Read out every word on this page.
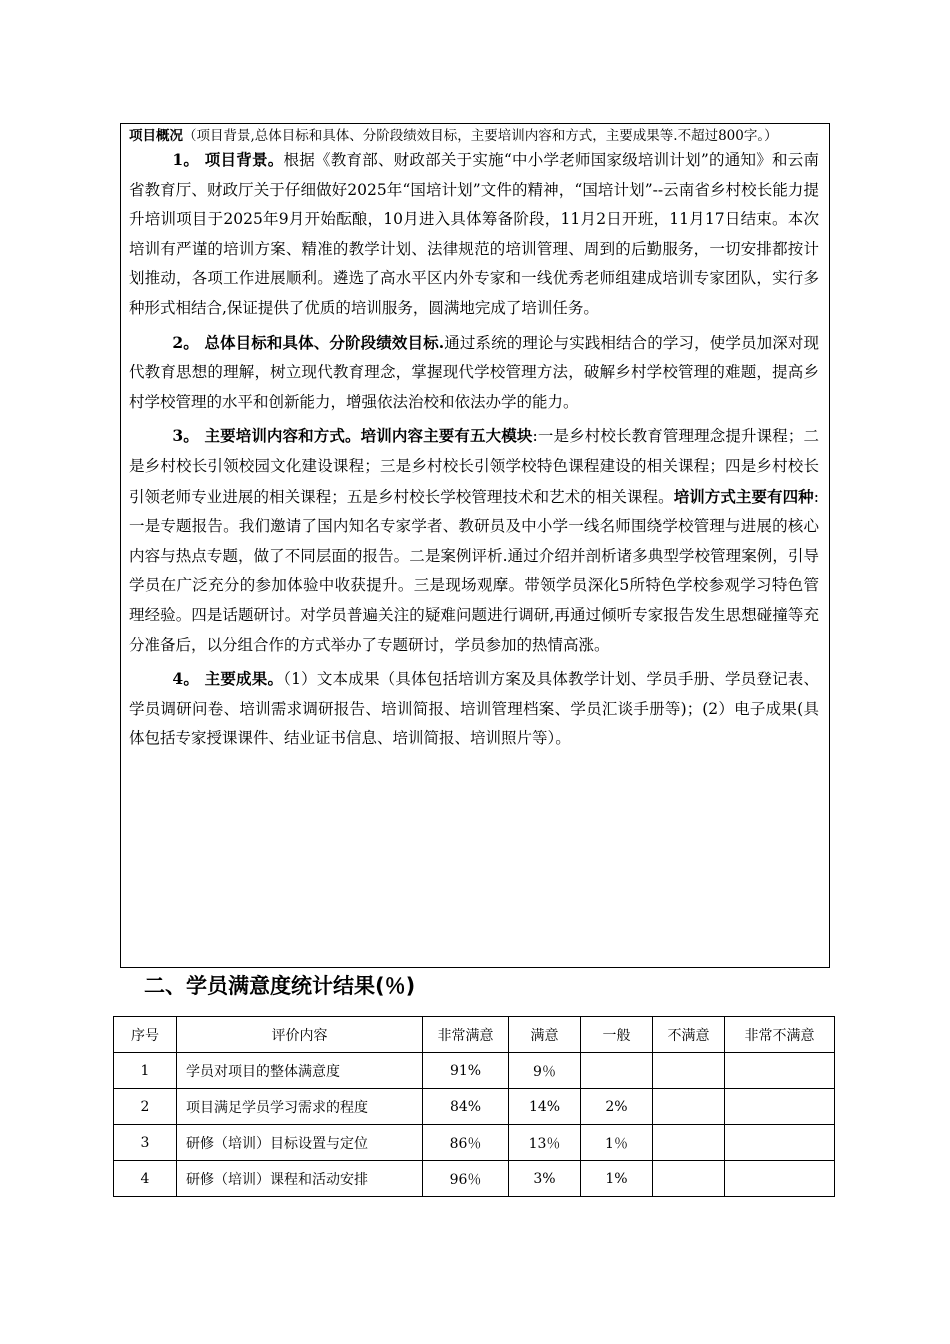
项目概况（项目背景,总体目标和具体、分阶段绩效目标，主要培训内容和方式，主要成果等.不超过800字。）

1。 项目背景。根据《教育部、财政部关于实施“中小学老师国家级培训计划”的通知》和云南省教育厅、财政厅关于仔细做好2025年“国培计划”文件的精神，“国培计划”--云南省乡村校长能力提升培训项目于2025年9月开始酝酿，10月进入具体筹备阶段，11月2日开班，11月17日结束。本次培训有严谨的培训方案、精准的教学计划、法律规范的培训管理、周到的后勤服务，一切安排都按计划推动，各项工作进展顺利。遴选了高水平区内外专家和一线优秀老师组建成培训专家团队，实行多种形式相结合,保证提供了优质的培训服务，圆满地完成了培训任务。

2。 总体目标和具体、分阶段绩效目标.通过系统的理论与实践相结合的学习，使学员加深对现代教育思想的理解，树立现代教育理念，掌握现代学校管理方法，破解乡村学校管理的难题，提高乡村学校管理的水平和创新能力，增强依法治校和依法办学的能力。

3。 主要培训内容和方式。培训内容主要有五大模块:一是乡村校长教育管理理念提升课程；二是乡村校长引领校园文化建设课程；三是乡村校长引领学校特色课程建设的相关课程；四是乡村校长引领老师专业进展的相关课程；五是乡村校长学校管理技术和艺术的相关课程。培训方式主要有四种:一是专题报告。我们邀请了国内知名专家学者、教研员及中小学一线名师围绕学校管理与进展的核心内容与热点专题，做了不同层面的报告。二是案例评析.通过介绍并剖析诸多典型学校管理案例，引导学员在广泛充分的参加体验中收获提升。三是现场观摩。带领学员深化5所特色学校参观学习特色管理经验。四是话题研讨。对学员普遍关注的疑难问题进行调研,再通过倾听专家报告发生思想碰撞等充分准备后，以分组合作的方式举办了专题研讨，学员参加的热情高涨。

4。 主要成果。（1）文本成果（具体包括培训方案及具体教学计划、学员手册、学员登记表、学员调研问卷、培训需求调研报告、培训简报、培训管理档案、学员汇谈手册等)；(2）电子成果(具体包括专家授课课件、结业证书信息、培训简报、培训照片等）。

二、学员满意度统计结果(％)
序号	评价内容	非常满意	满意	一般	不满意	非常不满意
1	学员对项目的整体满意度	91%	9％			
2	项目满足学员学习需求的程度	84%	14%	2%		
3	研修（培训）目标设置与定位	86％	13％	1％		
4	研修（培训）课程和活动安排	96％	3%	1%		
